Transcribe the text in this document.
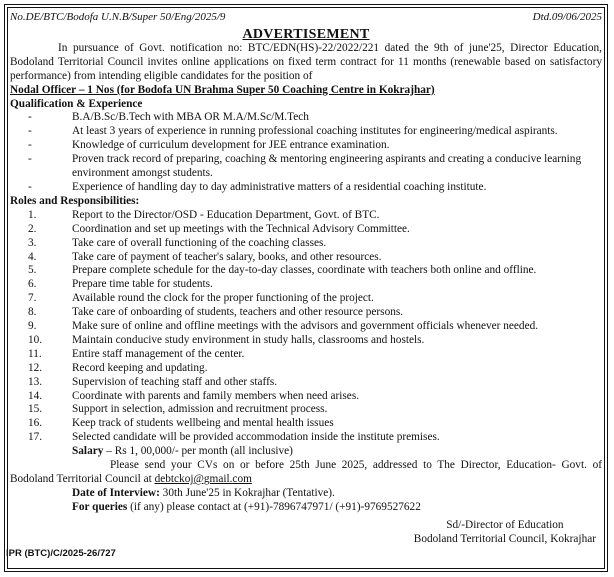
No.DE/BTC/Bodofa U.N.B/Super 50/Eng/2025/9	Dtd.09/06/2025
ADVERTISEMENT
In pursuance of Govt. notification no: BTC/EDN(HS)-22/2022/221 dated the 9th of june'25, Director Education, Bodoland Territorial Council invites online applications on fixed term contract for 11 months (renewable based on satisfactory performance) from intending eligible candidates for the position of
Nodal Officer – 1 Nos (for Bodofa UN Brahma Super 50 Coaching Centre in Kokrajhar)
Qualification & Experience
-	B.A/B.Sc/B.Tech with MBA OR M.A/M.Sc/M.Tech
-	At least 3 years of experience in running professional coaching institutes for engineering/medical aspirants.
-	Knowledge of curriculum development for JEE entrance examination.
-	Proven track record of preparing, coaching & mentoring engineering aspirants and creating a conducive learning environment amongst students.
-	Experience of handling day to day administrative matters of a residential coaching institute.
Roles and Responsibilities:
1.	Report to the Director/OSD - Education Department, Govt. of BTC.
2.	Coordination and set up meetings with the Technical Advisory Committee.
3.	Take care of overall functioning of the coaching classes.
4.	Take care of payment of teacher's salary, books, and other resources.
5.	Prepare complete schedule for the day-to-day classes, coordinate with teachers both online and offline.
6.	Prepare time table for students.
7.	Available round the clock for the proper functioning of the project.
8.	Take care of onboarding of students, teachers and other resource persons.
9.	Make sure of online and offline meetings with the advisors and government officials whenever needed.
10.	Maintain conducive study environment in study halls, classrooms and hostels.
11.	Entire staff management of the center.
12.	Record keeping and updating.
13.	Supervision of teaching staff and other staffs.
14.	Coordinate with parents and family members when need arises.
15.	Support in selection, admission and recruitment process.
16.	Keep track of students wellbeing and mental health issues
17.	Selected candidate will be provided accommodation inside the institute premises.
Salary – Rs 1, 00,000/- per month (all inclusive)
Please send your CVs on or before 25th June 2025, addressed to The Director, Education- Govt. of Bodoland Territorial Council at debtckoj@gmail.com
Date of Interview: 30th June'25 in Kokrajhar (Tentative).
For queries (if any) please contact at (+91)-7896747971/ (+91)-9769527622
Sd/-Director of Education
Bodoland Territorial Council, Kokrajhar
IPR (BTC)/C/2025-26/727
